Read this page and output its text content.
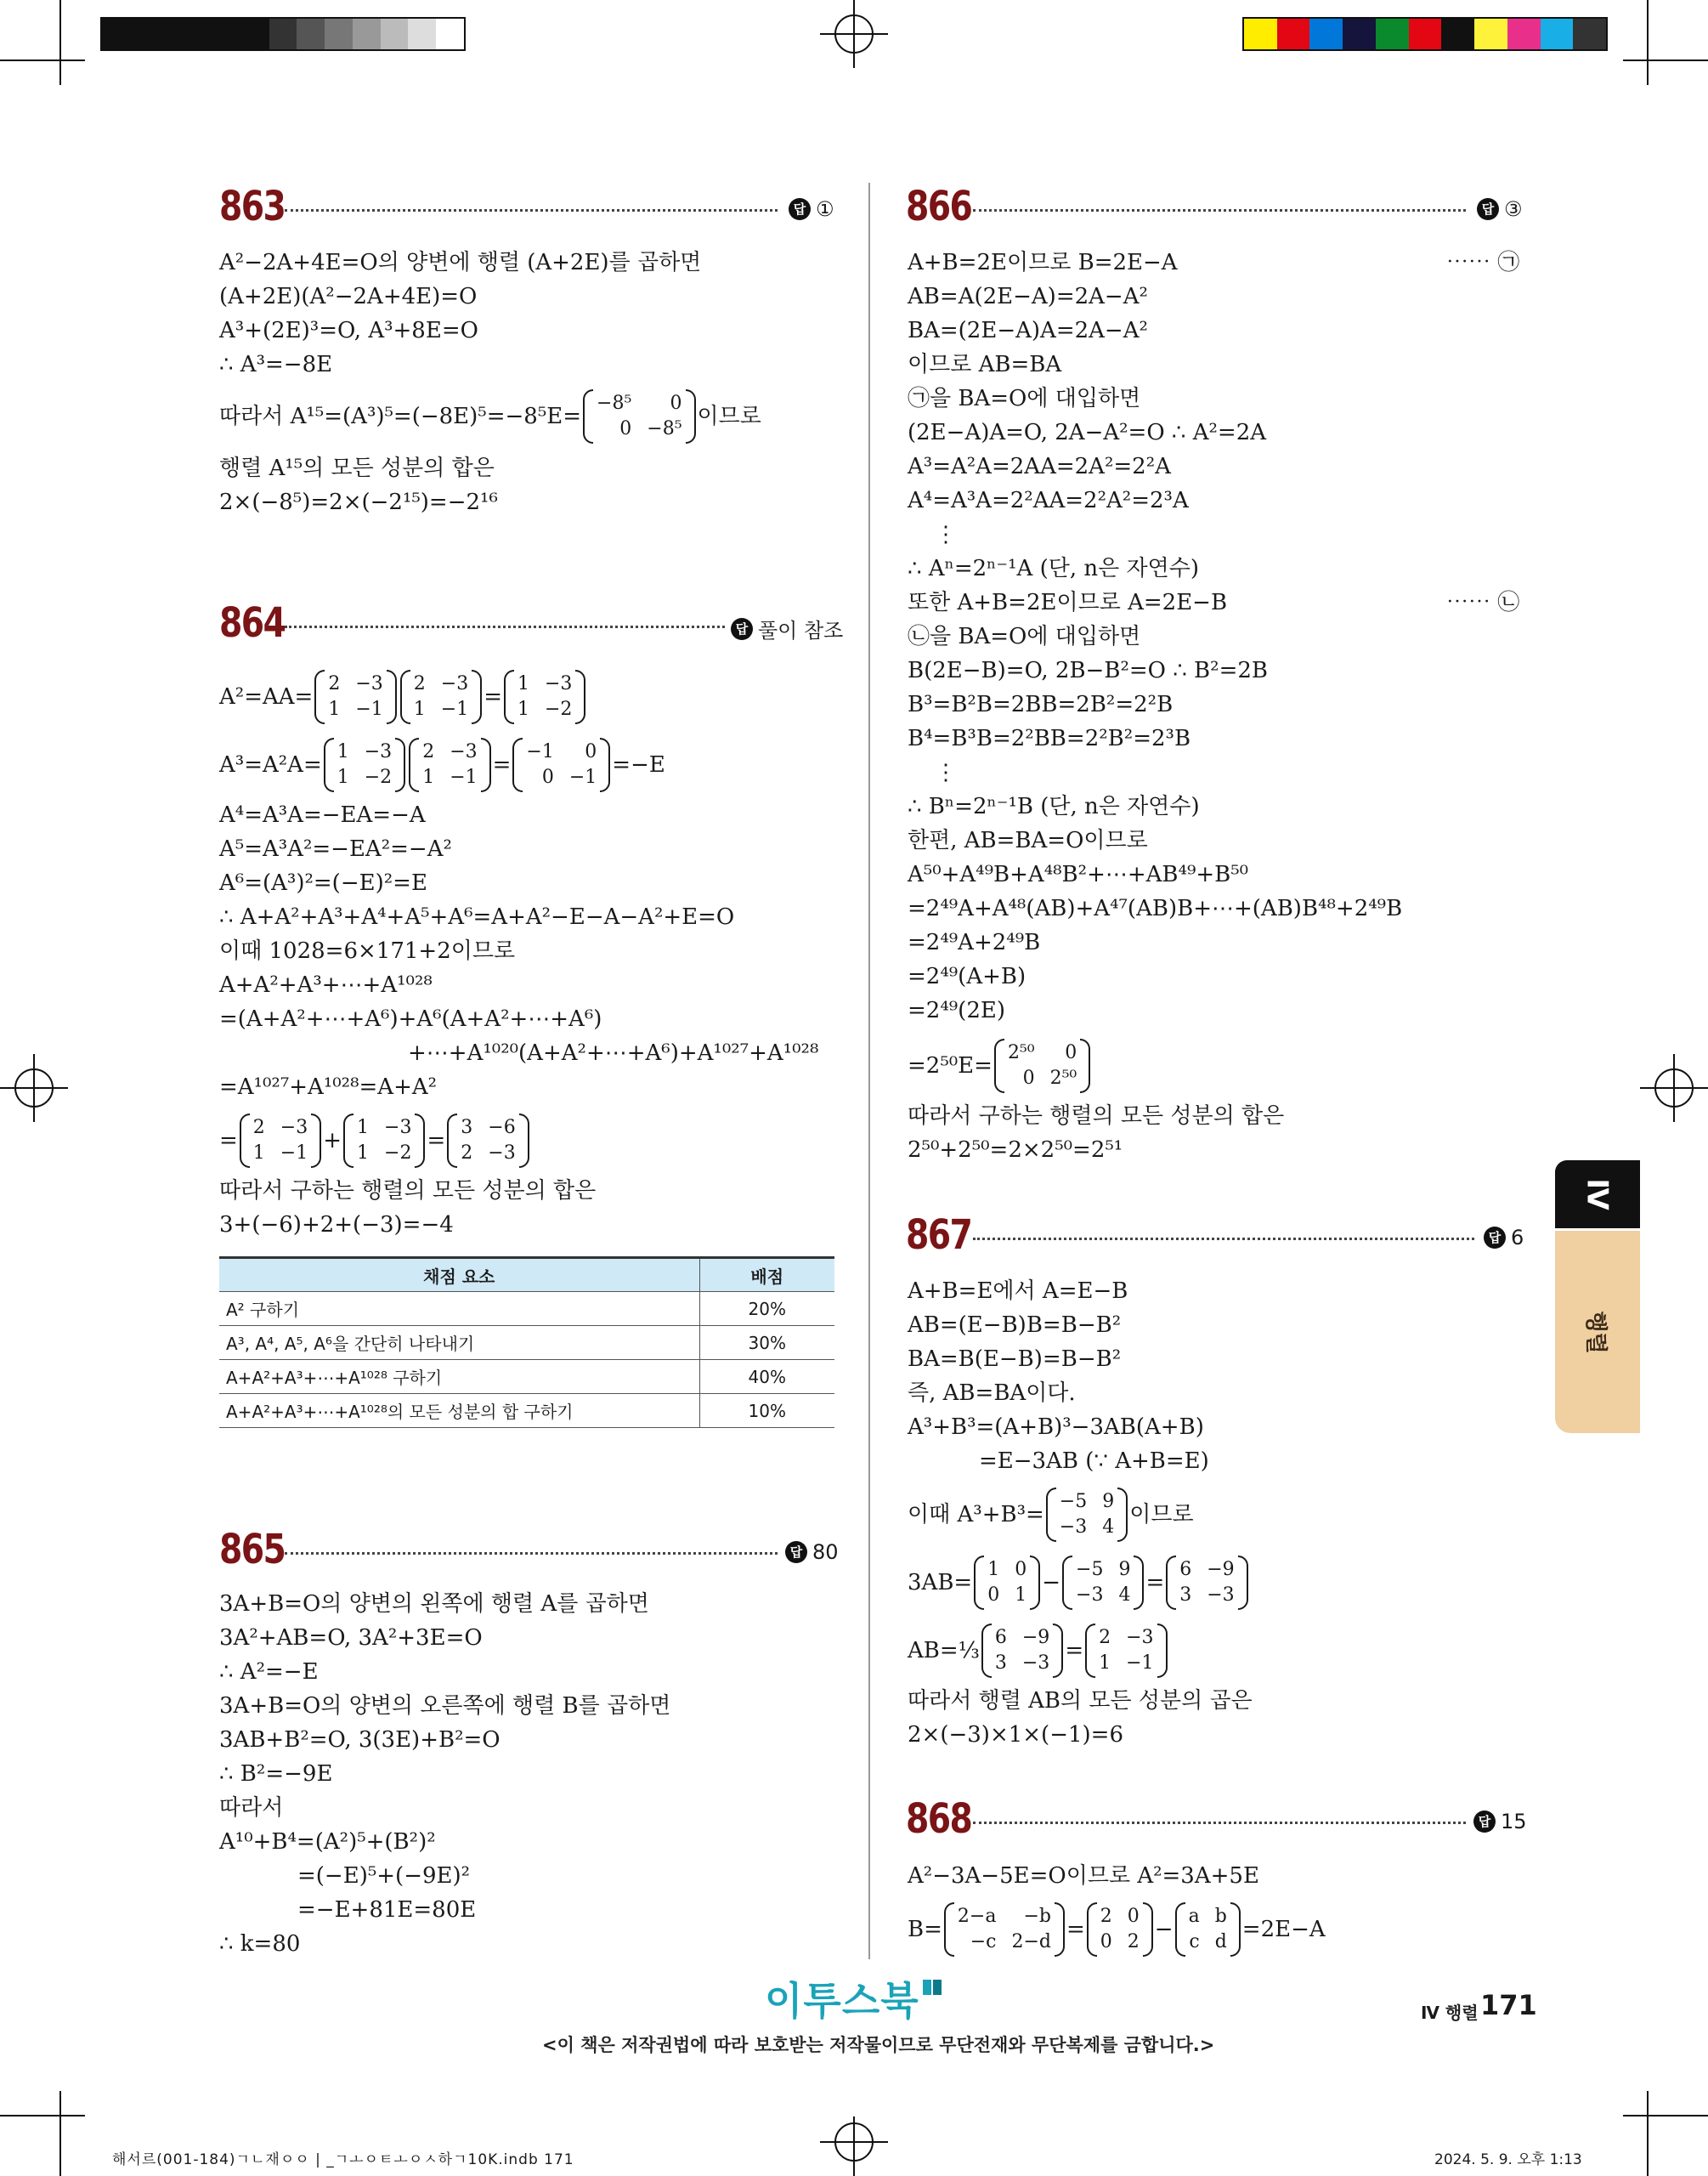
863	답 ①
A²−2A+4E=O의 양변에 행렬 (A+2E)를 곱하면
(A+2E)(A²−2A+4E)=O
A³+(2E)³=O, A³+8E=O
∴ A³=−8E
따라서 A¹⁵=(A³)⁵=(−8E)⁵=−8⁵E=
−8⁵	0
0 −8⁵ 이므로
행렬 A¹⁵의 모든 성분의 합은
2×(−8⁵)=2×(−2¹⁵)=−2¹⁶
864	답 풀이 참조
A²=AA=
2 −3
1 −1
2 −3
1 −1 =
1 −3
1 −2
A³=A²A=
1 −3
1 −2
2 −3
1 −1 =
−1	0
0 −1 =−E
A⁴=A³A=−EA=−A
A⁵=A³A²=−EA²=−A²
A⁶=(A³)²=(−E)²=E
∴ A+A²+A³+A⁴+A⁵+A⁶=A+A²−E−A−A²+E=O
이때 1028=6×171+2이므로
A+A²+A³+⋯+A¹⁰²⁸
=(A+A²+⋯+A⁶)+A⁶(A+A²+⋯+A⁶)
+⋯+A¹⁰²⁰(A+A²+⋯+A⁶)+A¹⁰²⁷+A¹⁰²⁸
=A¹⁰²⁷+A¹⁰²⁸=A+A²
=
2 −3
1 −1 +
1 −3
1 −2 =
3 −6
2 −3
따라서 구하는 행렬의 모든 성분의 합은
3+(−6)+2+(−3)=−4
채점 요소	배점
A² 구하기	20%
A³, A⁴, A⁵, A⁶을 간단히 나타내기	30%
A+A²+A³+⋯+A¹⁰²⁸ 구하기	40%
A+A²+A³+⋯+A¹⁰²⁸의 모든 성분의 합 구하기	10%
865	답 80
3A+B=O의 양변의 왼쪽에 행렬 A를 곱하면
3A²+AB=O, 3A²+3E=O
∴ A²=−E
3A+B=O의 양변의 오른쪽에 행렬 B를 곱하면
3AB+B²=O, 3(3E)+B²=O
∴ B²=−9E
따라서
A¹⁰+B⁴=(A²)⁵+(B²)²
=(−E)⁵+(−9E)²
=−E+81E=80E
∴ k=80
866	답 ③
A+B=2E이므로 B=2E−A	⋯⋯ ㉠
AB=A(2E−A)=2A−A²
BA=(2E−A)A=2A−A²
이므로 AB=BA
㉠을 BA=O에 대입하면
(2E−A)A=O, 2A−A²=O ∴ A²=2A
A³=A²A=2AA=2A²=2²A
A⁴=A³A=2²AA=2²A²=2³A
⋮
∴ Aⁿ=2ⁿ⁻¹A (단, n은 자연수)
또한 A+B=2E이므로 A=2E−B	⋯⋯ ㉡
㉡을 BA=O에 대입하면
B(2E−B)=O, 2B−B²=O ∴ B²=2B
B³=B²B=2BB=2B²=2²B
B⁴=B³B=2²BB=2²B²=2³B
⋮
∴ Bⁿ=2ⁿ⁻¹B (단, n은 자연수)
한편, AB=BA=O이므로
A⁵⁰+A⁴⁹B+A⁴⁸B²+⋯+AB⁴⁹+B⁵⁰
=2⁴⁹A+A⁴⁸(AB)+A⁴⁷(AB)B+⋯+(AB)B⁴⁸+2⁴⁹B
=2⁴⁹A+2⁴⁹B
=2⁴⁹(A+B)
=2⁴⁹(2E)
=2⁵⁰E=
2⁵⁰	0
0 2⁵⁰
따라서 구하는 행렬의 모든 성분의 합은
2⁵⁰+2⁵⁰=2×2⁵⁰=2⁵¹
867	답 6
A+B=E에서 A=E−B
AB=(E−B)B=B−B²
BA=B(E−B)=B−B²
즉, AB=BA이다.
A³+B³=(A+B)³−3AB(A+B)
=E−3AB (∵ A+B=E)
이때 A³+B³=
−5 9
−3 4 이므로
3AB=
1 0
0 1 −
−5 9
−3 4 =
6 −9
3 −3
AB=⅓
6 −9
3 −3 =
2 −3
1 −1
따라서 행렬 AB의 모든 성분의 곱은
2×(−3)×1×(−1)=6
868	답 15
A²−3A−5E=O이므로 A²=3A+5E
B=
2−a	−b
−c 2−d =
2 0
0 2 −
a b
c d =2E−A
Ⅳ
행렬
이투스북
<이 책은 저작권법에 따라 보호받는 저작물이므로 무단전재와 무단복제를 금합니다.>
Ⅳ 행렬 171
해서르(001-184)ㄱㄴ재ㅇㅇ | _ㄱㅗㅇㅌㅗㅇㅅ하ㄱ10K.indb 171	2024. 5. 9. 오후 1:13
